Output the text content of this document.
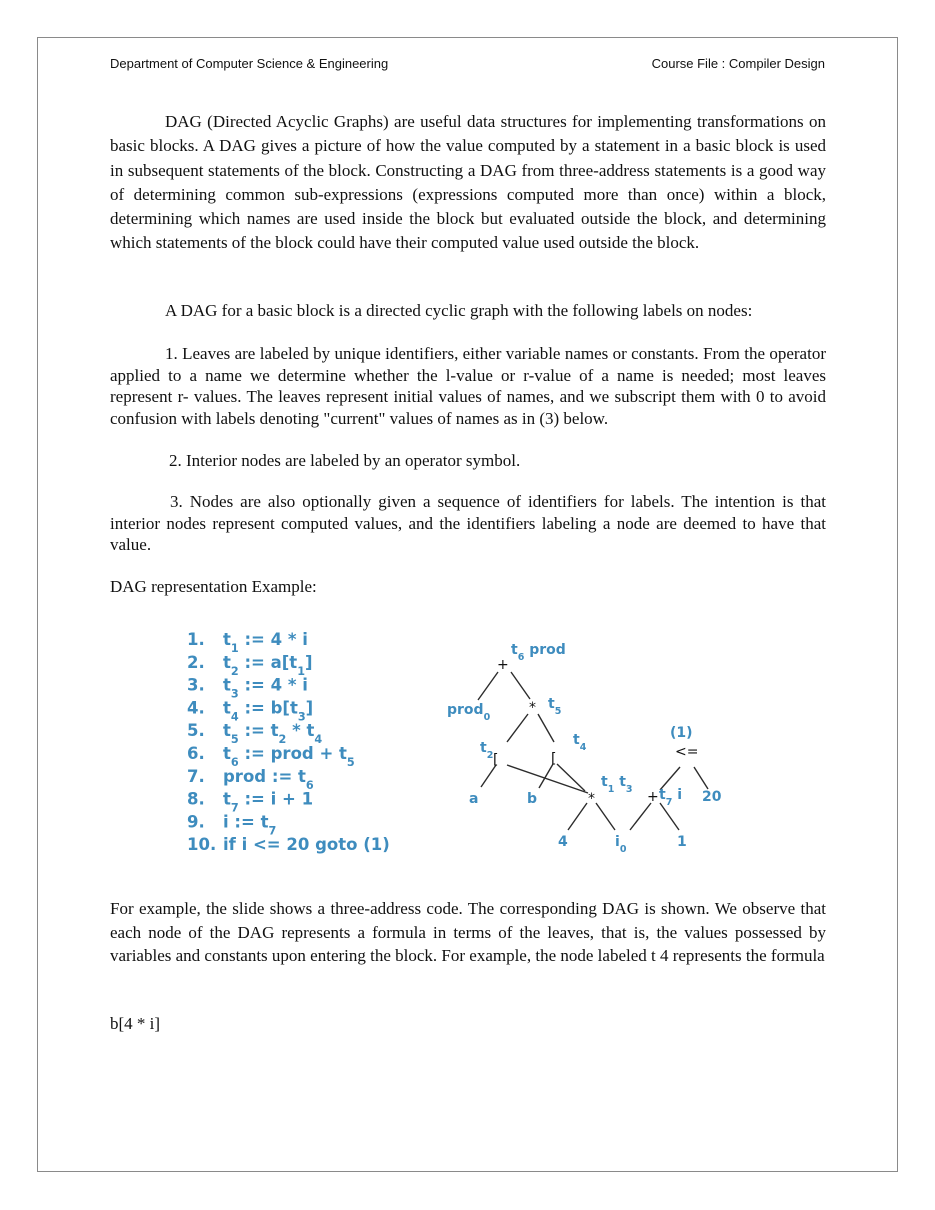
Department of Computer Science & Engineering	Course File : Compiler Design
DAG (Directed Acyclic Graphs) are useful data structures for implementing transformations on basic blocks. A DAG gives a picture of how the value computed by a statement in a basic block is used in subsequent statements of the block. Constructing a DAG from three-address statements is a good way of determining common sub-expressions (expressions computed more than once) within a block, determining which names are used inside the block but evaluated outside the block, and determining which statements of the block could have their computed value used outside the block.
A DAG for a basic block is a directed cyclic graph with the following labels on nodes:
1. Leaves are labeled by unique identifiers, either variable names or constants. From the operator applied to a name we determine whether the l-value or r-value of a name is needed; most leaves represent r- values. The leaves represent initial values of names, and we subscript them with 0 to avoid confusion with labels denoting "current" values of names as in (3) below.
2. Interior nodes are labeled by an operator symbol.
3. Nodes are also optionally given a sequence of identifiers for labels. The intention is that interior nodes represent computed values, and the identifiers labeling a node are deemed to have that value.
DAG representation Example:
1. $t_1$ := 4 * i
2. $t_2$ := $a[t_1]$
3. $t_3$ := 4 * i
4. $t_4$ := $b[t_3]$
5. $t_5$ := $t_2 * t_4$
6. $t_6$ := prod + $t_5$
7. prod := $t_6$
8. $t_7$ := i + 1
9. i := $t_7$
10. if i <= 20 goto (1)
$t_6$ prod
+
prod$_0$
* $t_5$
$t_2$ [	[
$t_4$
a	b	*
$t_1$ $t_3$
4	$i_0$
+ $t_7$ i
1
(1)
<=
20
For example, the slide shows a three-address code. The corresponding DAG is shown. We observe that each node of the DAG represents a formula in terms of the leaves, that is, the values possessed by variables and constants upon entering the block. For example, the node labeled t 4 represents the formula
b[4 * i]
